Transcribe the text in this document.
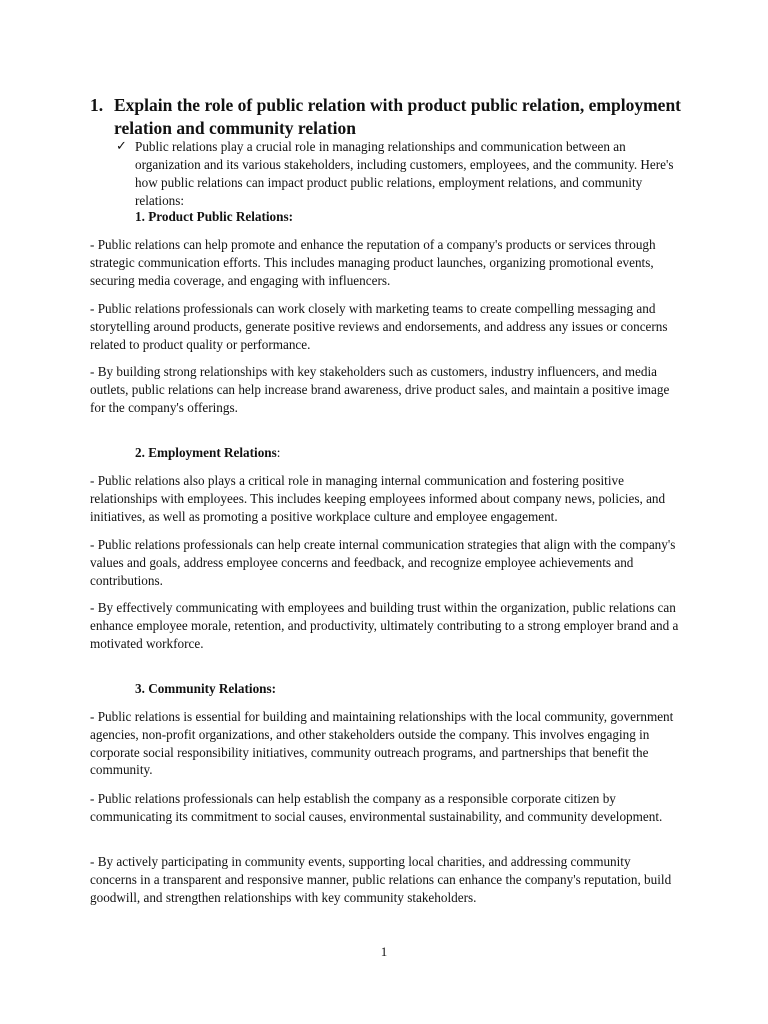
1. Explain the role of public relation with product public relation, employment relation and community relation
✓ Public relations play a crucial role in managing relationships and communication between an organization and its various stakeholders, including customers, employees, and the community. Here's how public relations can impact product public relations, employment relations, and community relations:
1. Product Public Relations:
- Public relations can help promote and enhance the reputation of a company's products or services through strategic communication efforts. This includes managing product launches, organizing promotional events, securing media coverage, and engaging with influencers.
- Public relations professionals can work closely with marketing teams to create compelling messaging and storytelling around products, generate positive reviews and endorsements, and address any issues or concerns related to product quality or performance.
- By building strong relationships with key stakeholders such as customers, industry influencers, and media outlets, public relations can help increase brand awareness, drive product sales, and maintain a positive image for the company's offerings.
2. Employment Relations:
- Public relations also plays a critical role in managing internal communication and fostering positive relationships with employees. This includes keeping employees informed about company news, policies, and initiatives, as well as promoting a positive workplace culture and employee engagement.
- Public relations professionals can help create internal communication strategies that align with the company's values and goals, address employee concerns and feedback, and recognize employee achievements and contributions.
- By effectively communicating with employees and building trust within the organization, public relations can enhance employee morale, retention, and productivity, ultimately contributing to a strong employer brand and a motivated workforce.
3. Community Relations:
- Public relations is essential for building and maintaining relationships with the local community, government agencies, non-profit organizations, and other stakeholders outside the company. This involves engaging in corporate social responsibility initiatives, community outreach programs, and partnerships that benefit the community.
- Public relations professionals can help establish the company as a responsible corporate citizen by communicating its commitment to social causes, environmental sustainability, and community development.
- By actively participating in community events, supporting local charities, and addressing community concerns in a transparent and responsive manner, public relations can enhance the company's reputation, build goodwill, and strengthen relationships with key community stakeholders.
1
